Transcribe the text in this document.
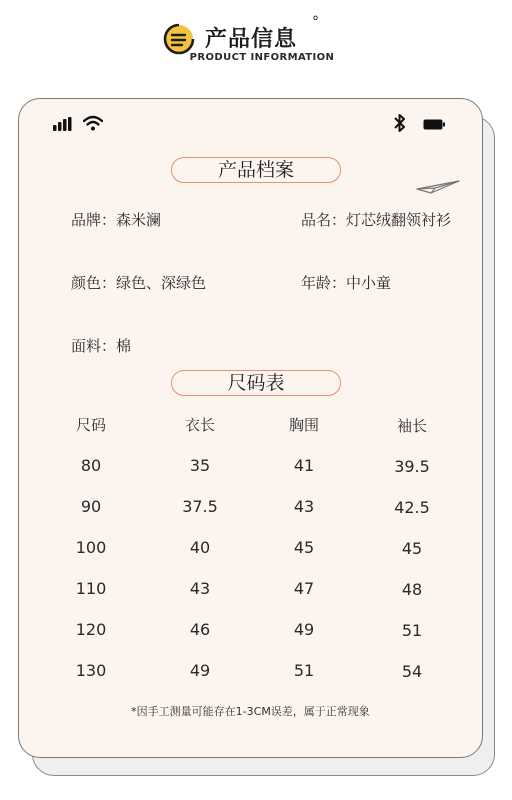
产品信息
°
PRODUCT INFORMATION
产品档案
品牌：森米澜	品名：灯芯绒翻领衬衫
颜色：绿色、深绿色	年龄：中小童
面料：棉
尺码表
尺码	衣长	胸围	袖长
80	35	41	39.5
90	37.5	43	42.5
100	40	45	45
110	43	47	48
120	46	49	51
130	49	51	54
*因手工测量可能存在1-3CM误差，属于正常现象
